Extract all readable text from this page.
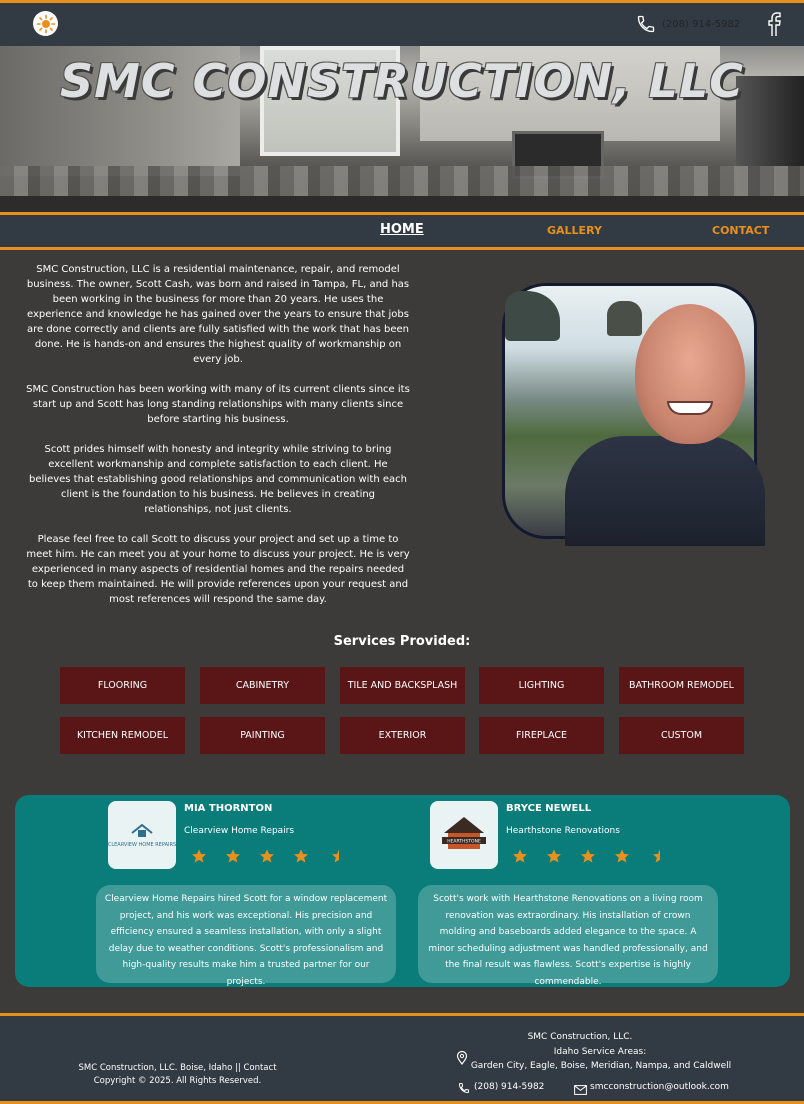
(208) 914-5982
SMC CONSTRUCTION, LLC
HOME	GALLERY	CONTACT

SMC Construction, LLC is a residential maintenance, repair, and remodel business. The owner, Scott Cash, was born and raised in Tampa, FL, and has been working in the business for more than 20 years. He uses the experience and knowledge he has gained over the years to ensure that jobs are done correctly and clients are fully satisfied with the work that has been done. He is hands-on and ensures the highest quality of workmanship on every job.

SMC Construction has been working with many of its current clients since its start up and Scott has long standing relationships with many clients since before starting his business.

Scott prides himself with honesty and integrity while striving to bring excellent workmanship and complete satisfaction to each client. He believes that establishing good relationships and communication with each client is the foundation to his business. He believes in creating relationships, not just clients.

Please feel free to call Scott to discuss your project and set up a time to meet him. He can meet you at your home to discuss your project. He is very experienced in many aspects of residential homes and the repairs needed to keep them maintained. He will provide references upon your request and most references will respond the same day.

Services Provided:
FLOORING	CABINETRY	TILE AND BACKSPLASH	LIGHTING	BATHROOM REMODEL
KITCHEN REMODEL	PAINTING	EXTERIOR	FIREPLACE	CUSTOM
CLEARVIEW HOME REPAIRS
MIA THORNTON
Clearview Home Repairs
Clearview Home Repairs hired Scott for a window replacement project, and his work was exceptional. His precision and efficiency ensured a seamless installation, with only a slight delay due to weather conditions. Scott's professionalism and high-quality results make him a trusted partner for our projects.
HEARTHSTONE
BRYCE NEWELL
Hearthstone Renovations
Scott's work with Hearthstone Renovations on a living room renovation was extraordinary. His installation of crown molding and baseboards added elegance to the space. A minor scheduling adjustment was handled professionally, and the final result was flawless. Scott's expertise is highly commendable.
SMC Construction, LLC. Boise, Idaho || Contact
Copyright © 2025. All Rights Reserved.
SMC Construction, LLC.
Idaho Service Areas:
Garden City, Eagle, Boise, Meridian, Nampa, and Caldwell
(208) 914-5982	smcconstruction@outlook.com
